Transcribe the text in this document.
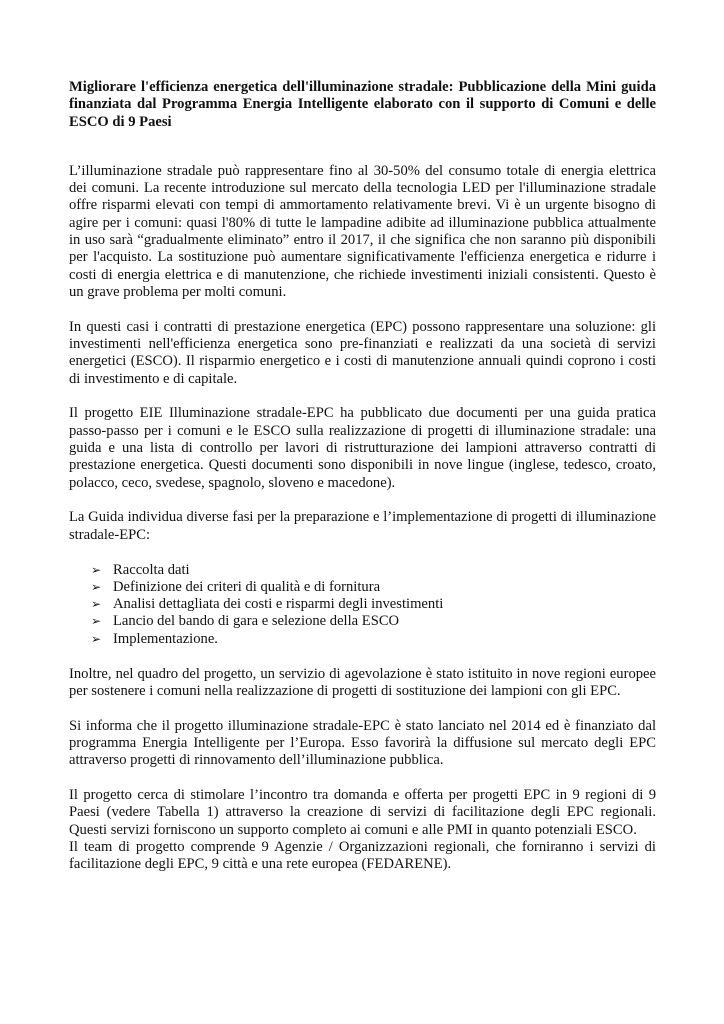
Migliorare l'efficienza energetica dell'illuminazione stradale: Pubblicazione della Mini guida finanziata dal Programma Energia Intelligente elaborato con il supporto di Comuni e delle ESCO di 9 Paesi

L’illuminazione stradale può rappresentare fino al 30-50% del consumo totale di energia elettrica dei comuni. La recente introduzione sul mercato della tecnologia LED per l'illuminazione stradale offre risparmi elevati con tempi di ammortamento relativamente brevi. Vi è un urgente bisogno di agire per i comuni: quasi l'80% di tutte le lampadine adibite ad illuminazione pubblica attualmente in uso sarà “gradualmente eliminato” entro il 2017, il che significa che non saranno più disponibili per l'acquisto. La sostituzione può aumentare significativamente l'efficienza energetica e ridurre i costi di energia elettrica e di manutenzione, che richiede investimenti iniziali consistenti. Questo è un grave problema per molti comuni.

In questi casi i contratti di prestazione energetica (EPC) possono rappresentare una soluzione: gli investimenti nell'efficienza energetica sono pre-finanziati e realizzati da una società di servizi energetici (ESCO). Il risparmio energetico e i costi di manutenzione annuali quindi coprono i costi di investimento e di capitale.

Il progetto EIE Illuminazione stradale-EPC ha pubblicato due documenti per una guida pratica passo-passo per i comuni e le ESCO sulla realizzazione di progetti di illuminazione stradale: una guida e una lista di controllo per lavori di ristrutturazione dei lampioni attraverso contratti di prestazione energetica. Questi documenti sono disponibili in nove lingue (inglese, tedesco, croato, polacco, ceco, svedese, spagnolo, sloveno e macedone).

La Guida individua diverse fasi per la preparazione e l’implementazione di progetti di illuminazione stradale-EPC:

➢ Raccolta dati
➢ Definizione dei criteri di qualità e di fornitura
➢ Analisi dettagliata dei costi e risparmi degli investimenti
➢ Lancio del bando di gara e selezione della ESCO
➢ Implementazione.

Inoltre, nel quadro del progetto, un servizio di agevolazione è stato istituito in nove regioni europee per sostenere i comuni nella realizzazione di progetti di sostituzione dei lampioni con gli EPC.

Si informa che il progetto illuminazione stradale-EPC è stato lanciato nel 2014 ed è finanziato dal programma Energia Intelligente per l’Europa. Esso favorirà la diffusione sul mercato degli EPC attraverso progetti di rinnovamento dell’illuminazione pubblica.

Il progetto cerca di stimolare l’incontro tra domanda e offerta per progetti EPC in 9 regioni di 9 Paesi (vedere Tabella 1) attraverso la creazione di servizi di facilitazione degli EPC regionali. Questi servizi forniscono un supporto completo ai comuni e alle PMI in quanto potenziali ESCO.

Il team di progetto comprende 9 Agenzie / Organizzazioni regionali, che forniranno i servizi di facilitazione degli EPC, 9 città e una rete europea (FEDARENE).
